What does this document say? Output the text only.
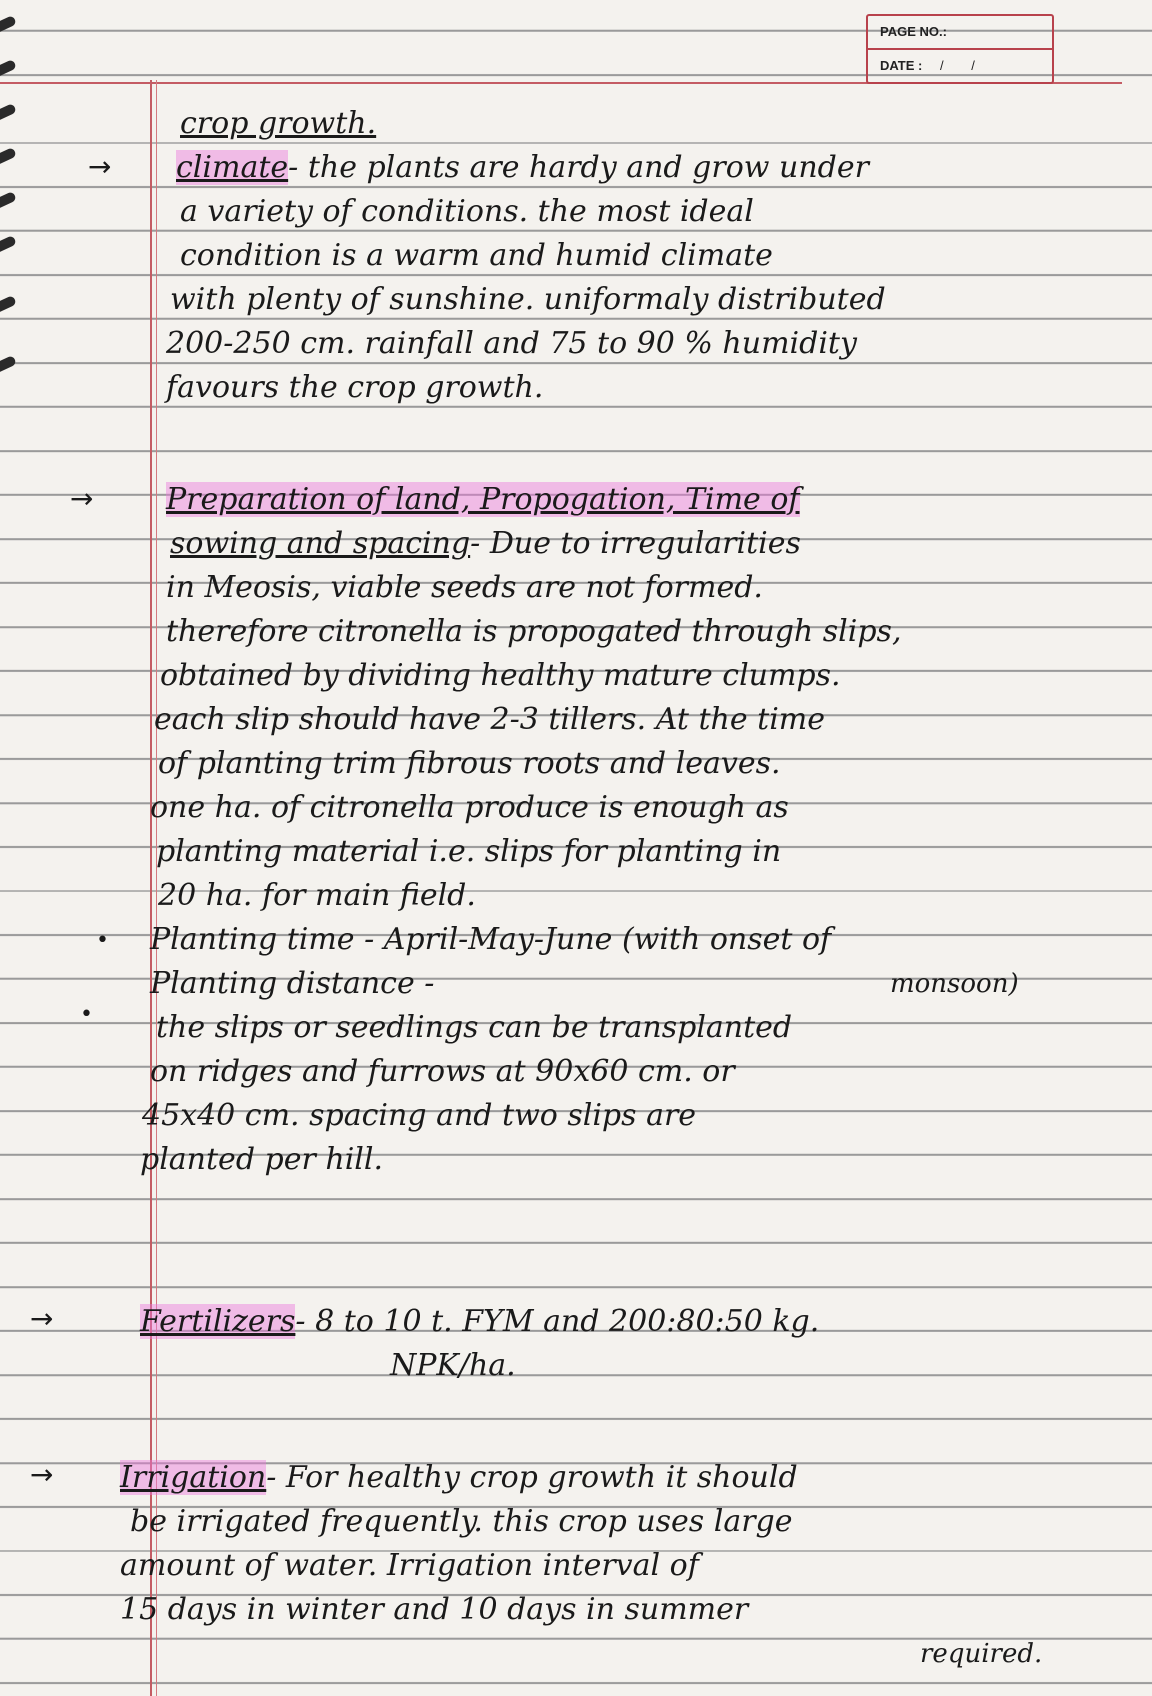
PAGE NO.:
DATE : / /
crop growth.
climate- the plants are hardy and grow under
a variety of conditions. the most ideal
condition is a warm and humid climate
with plenty of sunshine. uniformaly distributed
200-250 cm. rainfall and 75 to 90 % humidity
favours the crop growth.
Preparation of land, Propogation, Time of
sowing and spacing- Due to irregularities
in Meosis, viable seeds are not formed.
therefore citronella is propogated through slips,
obtained by dividing healthy mature clumps.
each slip should have 2-3 tillers. At the time
of planting trim fibrous roots and leaves.
one ha. of citronella produce is enough as
planting material i.e. slips for planting in
20 ha. for main field.
Planting time - April-May-June (with onset of
monsoon)
Planting distance -
the slips or seedlings can be transplanted
on ridges and furrows at 90x60 cm. or
45x40 cm. spacing and two slips are
planted per hill.
Fertilizers- 8 to 10 t. FYM and 200:80:50 kg.
NPK/ha.
Irrigation- For healthy crop growth it should
be irrigated frequently. this crop uses large
amount of water. Irrigation interval of
15 days in winter and 10 days in summer
required.
→
→
•
•
→
→
